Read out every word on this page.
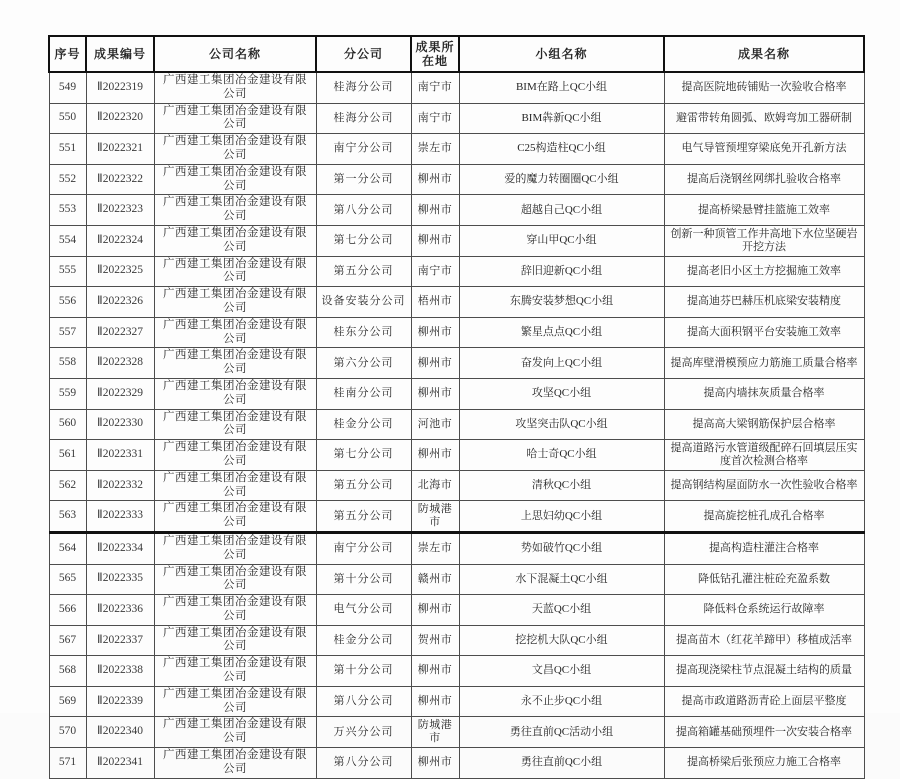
序号	成果编号	公司名称	分公司	成果所在地	小组名称	成果名称
549	Ⅱ2022319	广西建工集团冶金建设有限公司	桂海分公司	南宁市	BIM在路上QC小组	提高医院地砖铺贴一次验收合格率
550	Ⅱ2022320	广西建工集团冶金建设有限公司	桂海分公司	南宁市	BIM犇新QC小组	避雷带转角圆弧、欧姆弯加工器研制
551	Ⅱ2022321	广西建工集团冶金建设有限公司	南宁分公司	崇左市	C25构造柱QC小组	电气导管预埋穿梁底免开孔新方法
552	Ⅱ2022322	广西建工集团冶金建设有限公司	第一分公司	柳州市	爱的魔力转圈圈QC小组	提高后浇钢丝网绑扎验收合格率
553	Ⅱ2022323	广西建工集团冶金建设有限公司	第八分公司	柳州市	超越自己QC小组	提高桥梁悬臂挂篮施工效率
554	Ⅱ2022324	广西建工集团冶金建设有限公司	第七分公司	柳州市	穿山甲QC小组	创新一种顶管工作井高地下水位坚硬岩开挖方法
555	Ⅱ2022325	广西建工集团冶金建设有限公司	第五分公司	南宁市	辞旧迎新QC小组	提高老旧小区土方挖掘施工效率
556	Ⅱ2022326	广西建工集团冶金建设有限公司	设备安装分公司	梧州市	东腾安装梦想QC小组	提高迪芬巴赫压机底梁安装精度
557	Ⅱ2022327	广西建工集团冶金建设有限公司	桂东分公司	柳州市	繁星点点QC小组	提高大面积钢平台安装施工效率
558	Ⅱ2022328	广西建工集团冶金建设有限公司	第六分公司	柳州市	奋发向上QC小组	提高库壁滑模预应力筋施工质量合格率
559	Ⅱ2022329	广西建工集团冶金建设有限公司	桂南分公司	柳州市	攻坚QC小组	提高内墙抹灰质量合格率
560	Ⅱ2022330	广西建工集团冶金建设有限公司	桂金分公司	河池市	攻坚突击队QC小组	提高高大梁钢筋保护层合格率
561	Ⅱ2022331	广西建工集团冶金建设有限公司	第七分公司	柳州市	哈士奇QC小组	提高道路污水管道级配碎石回填层压实度首次检测合格率
562	Ⅱ2022332	广西建工集团冶金建设有限公司	第五分公司	北海市	清秋QC小组	提高钢结构屋面防水一次性验收合格率
563	Ⅱ2022333	广西建工集团冶金建设有限公司	第五分公司	防城港市	上思妇幼QC小组	提高旋挖桩孔成孔合格率
564	Ⅱ2022334	广西建工集团冶金建设有限公司	南宁分公司	崇左市	势如破竹QC小组	提高构造柱灌注合格率
565	Ⅱ2022335	广西建工集团冶金建设有限公司	第十分公司	赣州市	水下混凝土QC小组	降低钻孔灌注桩砼充盈系数
566	Ⅱ2022336	广西建工集团冶金建设有限公司	电气分公司	柳州市	天蓝QC小组	降低料仓系统运行故障率
567	Ⅱ2022337	广西建工集团冶金建设有限公司	桂金分公司	贺州市	挖挖机大队QC小组	提高苗木（红花羊蹄甲）移植成活率
568	Ⅱ2022338	广西建工集团冶金建设有限公司	第十分公司	柳州市	文昌QC小组	提高现浇梁柱节点混凝土结构的质量
569	Ⅱ2022339	广西建工集团冶金建设有限公司	第八分公司	柳州市	永不止步QC小组	提高市政道路沥青砼上面层平整度
570	Ⅱ2022340	广西建工集团冶金建设有限公司	万兴分公司	防城港市	勇往直前QC活动小组	提高箱罐基础预埋件一次安装合格率
571	Ⅱ2022341	广西建工集团冶金建设有限公司	第八分公司	柳州市	勇往直前QC小组	提高桥梁后张预应力施工合格率
